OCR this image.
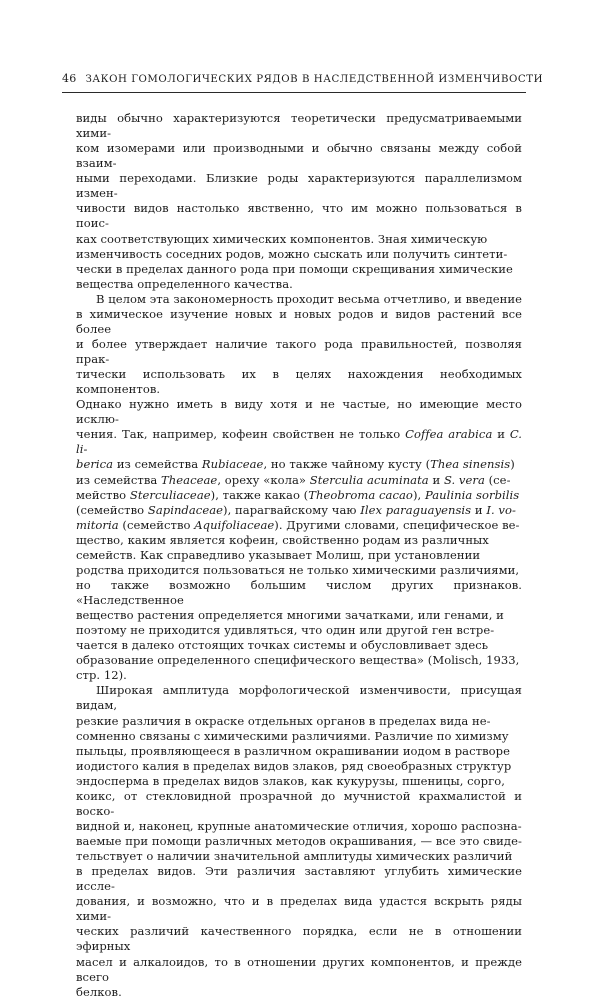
46 ЗАКОН ГОМОЛОГИЧЕСКИХ РЯДОВ В НАСЛЕДСТВЕННОЙ ИЗМЕНЧИВОСТИ

виды обычно характеризуются теоретически предусматриваемыми хими-
ком изомерами или производными и обычно связаны между собой взаим-
ными переходами. Близкие роды характеризуются параллелизмом измен-
чивости видов настолько явственно, что им можно пользоваться в поис-
ках соответствующих химических компонентов. Зная химическую
изменчивость соседних родов, можно сыскать или получить синтети-
чески в пределах данного рода при помощи скрещивания химические
вещества определенного качества.

В целом эта закономерность проходит весьма отчетливо, и введение
в химическое изучение новых и новых родов и видов растений все более
и более утверждает наличие такого рода правильностей, позволяя прак-
тически использовать их в целях нахождения необходимых компонентов.
Однако нужно иметь в виду хотя и не частые, но имеющие место исклю-
чения. Так, например, кофеин свойствен не только Coffea arabica и C. li-
berica из семейства Rubiaceae, но также чайному кусту (Thea sinensis)
из семейства Theaceae, ореху «кола» Sterculia acuminata и S. vera (се-
мейство Sterculiaceae), также какао (Theobroma cacao), Paulinia sorbilis
(семейство Sapindaceae), парагвайскому чаю Ilex paraguayensis и I. vo-
mitoria (семейство Aquifoliaceae). Другими словами, специфическое ве-
щество, каким является кофеин, свойственно родам из различных
семейств. Как справедливо указывает Молиш, при установлении
родства приходится пользоваться не только химическими различиями,
но также возможно большим числом других признаков. «Наследственное
вещество растения определяется многими зачатками, или генами, и
поэтому не приходится удивляться, что один или другой ген встре-
чается в далеко отстоящих точках системы и обусловливает здесь
образование определенного специфического вещества» (Molisch, 1933,
стр. 12).

Широкая амплитуда морфологической изменчивости, присущая видам,
резкие различия в окраске отдельных органов в пределах вида не-
сомненно связаны с химическими различиями. Различие по химизму
пыльцы, проявляющееся в различном окрашивании иодом в растворе
иодистого калия в пределах видов злаков, ряд своеобразных структур
эндосперма в пределах видов злаков, как кукурузы, пшеницы, сорго,
коикс, от стекловидной прозрачной до мучнистой крахмалистой и воско-
видной и, наконец, крупные анатомические отличия, хорошо распозна-
ваемые при помощи различных методов окрашивания, — все это свиде-
тельствует о наличии значительной амплитуды химических различий
в пределах видов. Эти различия заставляют углубить химические иссле-
дования, и возможно, что и в пределах вида удастся вскрыть ряды хими-
ческих различий качественного порядка, если не в отношении эфирных
масел и алкалоидов, то в отношении других компонентов, и прежде всего
белков.
